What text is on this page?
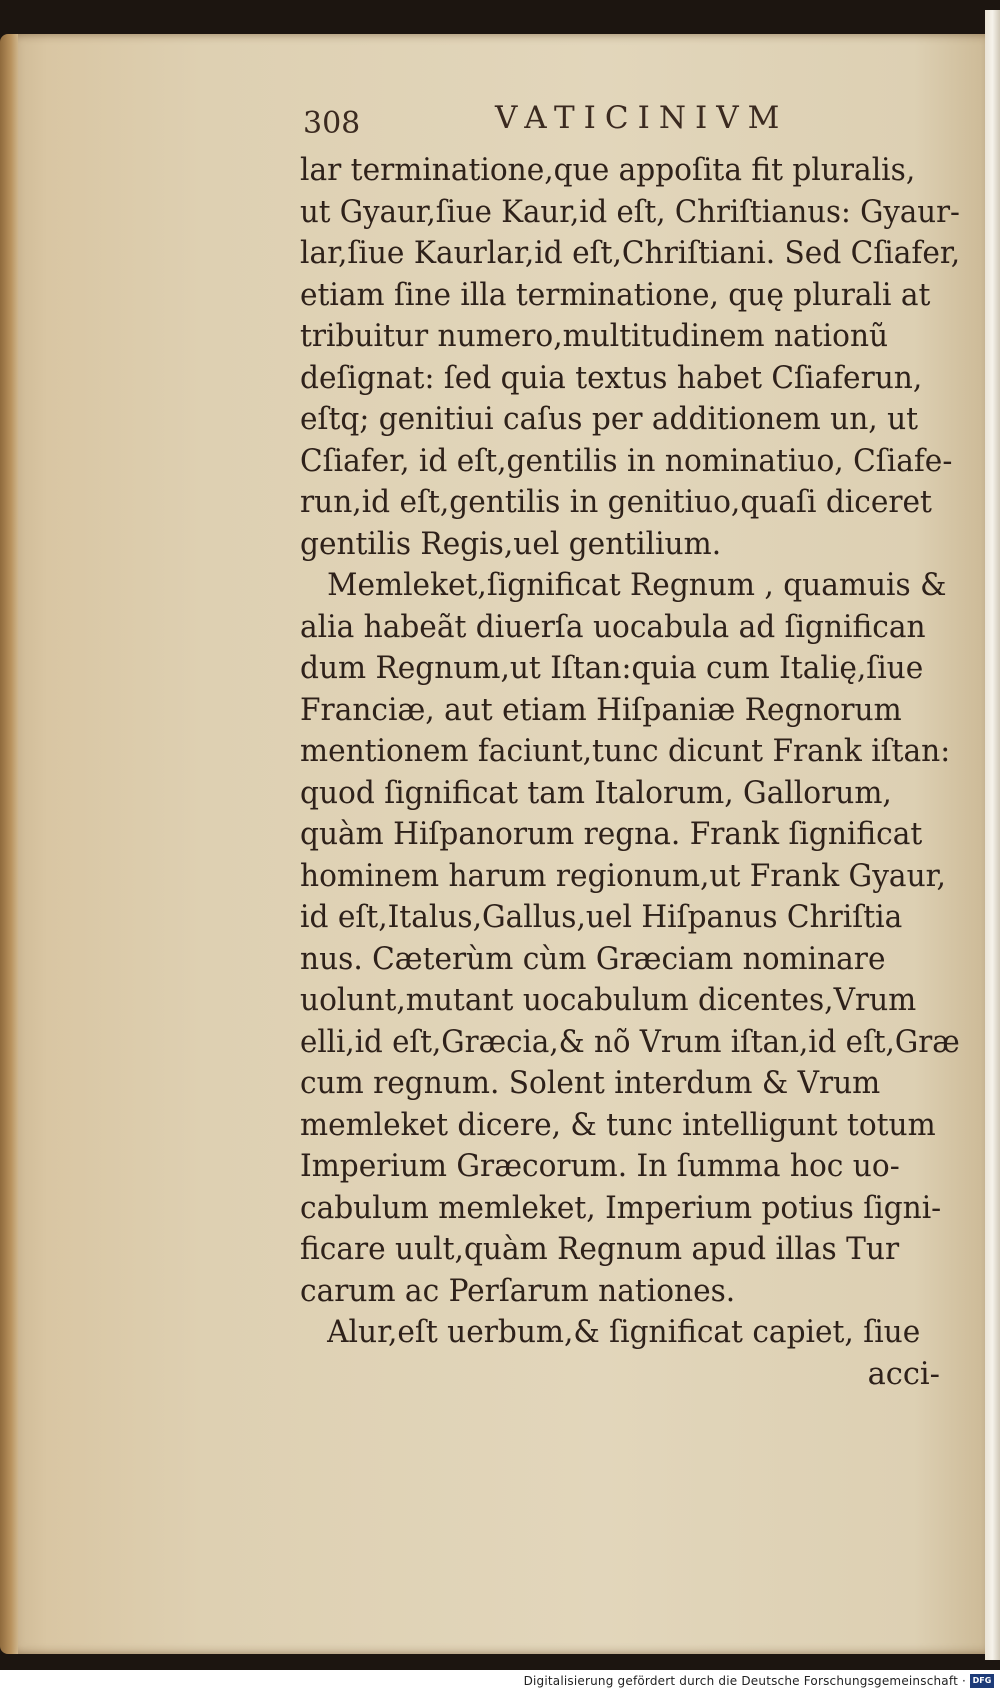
308	VATICINIVM
lar terminatione,que appoſita fit pluralis,
ut Gyaur,ſiue Kaur,id eſt, Chriſtianus: Gyaur-
lar,ſiue Kaurlar,id eſt,Chriſtiani. Sed Cſiafer,
etiam ſine illa terminatione, quę plurali at
tribuitur numero,multitudinem nationũ
deſignat: ſed quia textus habet Cſiaferun,
eſtq; genitiui caſus per additionem un, ut
Cſiafer, id eſt,gentilis in nominatiuo, Cſiafe-
run,id eſt,gentilis in genitiuo,quaſi diceret
gentilis Regis,uel gentilium.
Memleket,ſignificat Regnum , quamuis &
alia habeãt diuerſa uocabula ad ſignifican
dum Regnum,ut Iſtan:quia cum Italię,ſiue
Franciæ, aut etiam Hiſpaniæ Regnorum
mentionem faciunt,tunc dicunt Frank iſtan:
quod ſignificat tam Italorum, Gallorum,
quàm Hiſpanorum regna. Frank ſignificat
hominem harum regionum,ut Frank Gyaur,
id eſt,Italus,Gallus,uel Hiſpanus Chriſtia
nus. Cæterùm cùm Græciam nominare
uolunt,mutant uocabulum dicentes,Vrum
elli,id eſt,Græcia,& nõ Vrum iſtan,id eſt,Græ
cum regnum. Solent interdum & Vrum
memleket dicere, & tunc intelligunt totum
Imperium Græcorum. In ſumma hoc uo-
cabulum memleket, Imperium potius ſigni-
ficare uult,quàm Regnum apud illas Tur
carum ac Perſarum nationes.
Alur,eſt uerbum,& ſignificat capiet, ſiue
acci-
Digitalisierung gefördert durch die Deutsche Forschungsgemeinschaft · DFG
